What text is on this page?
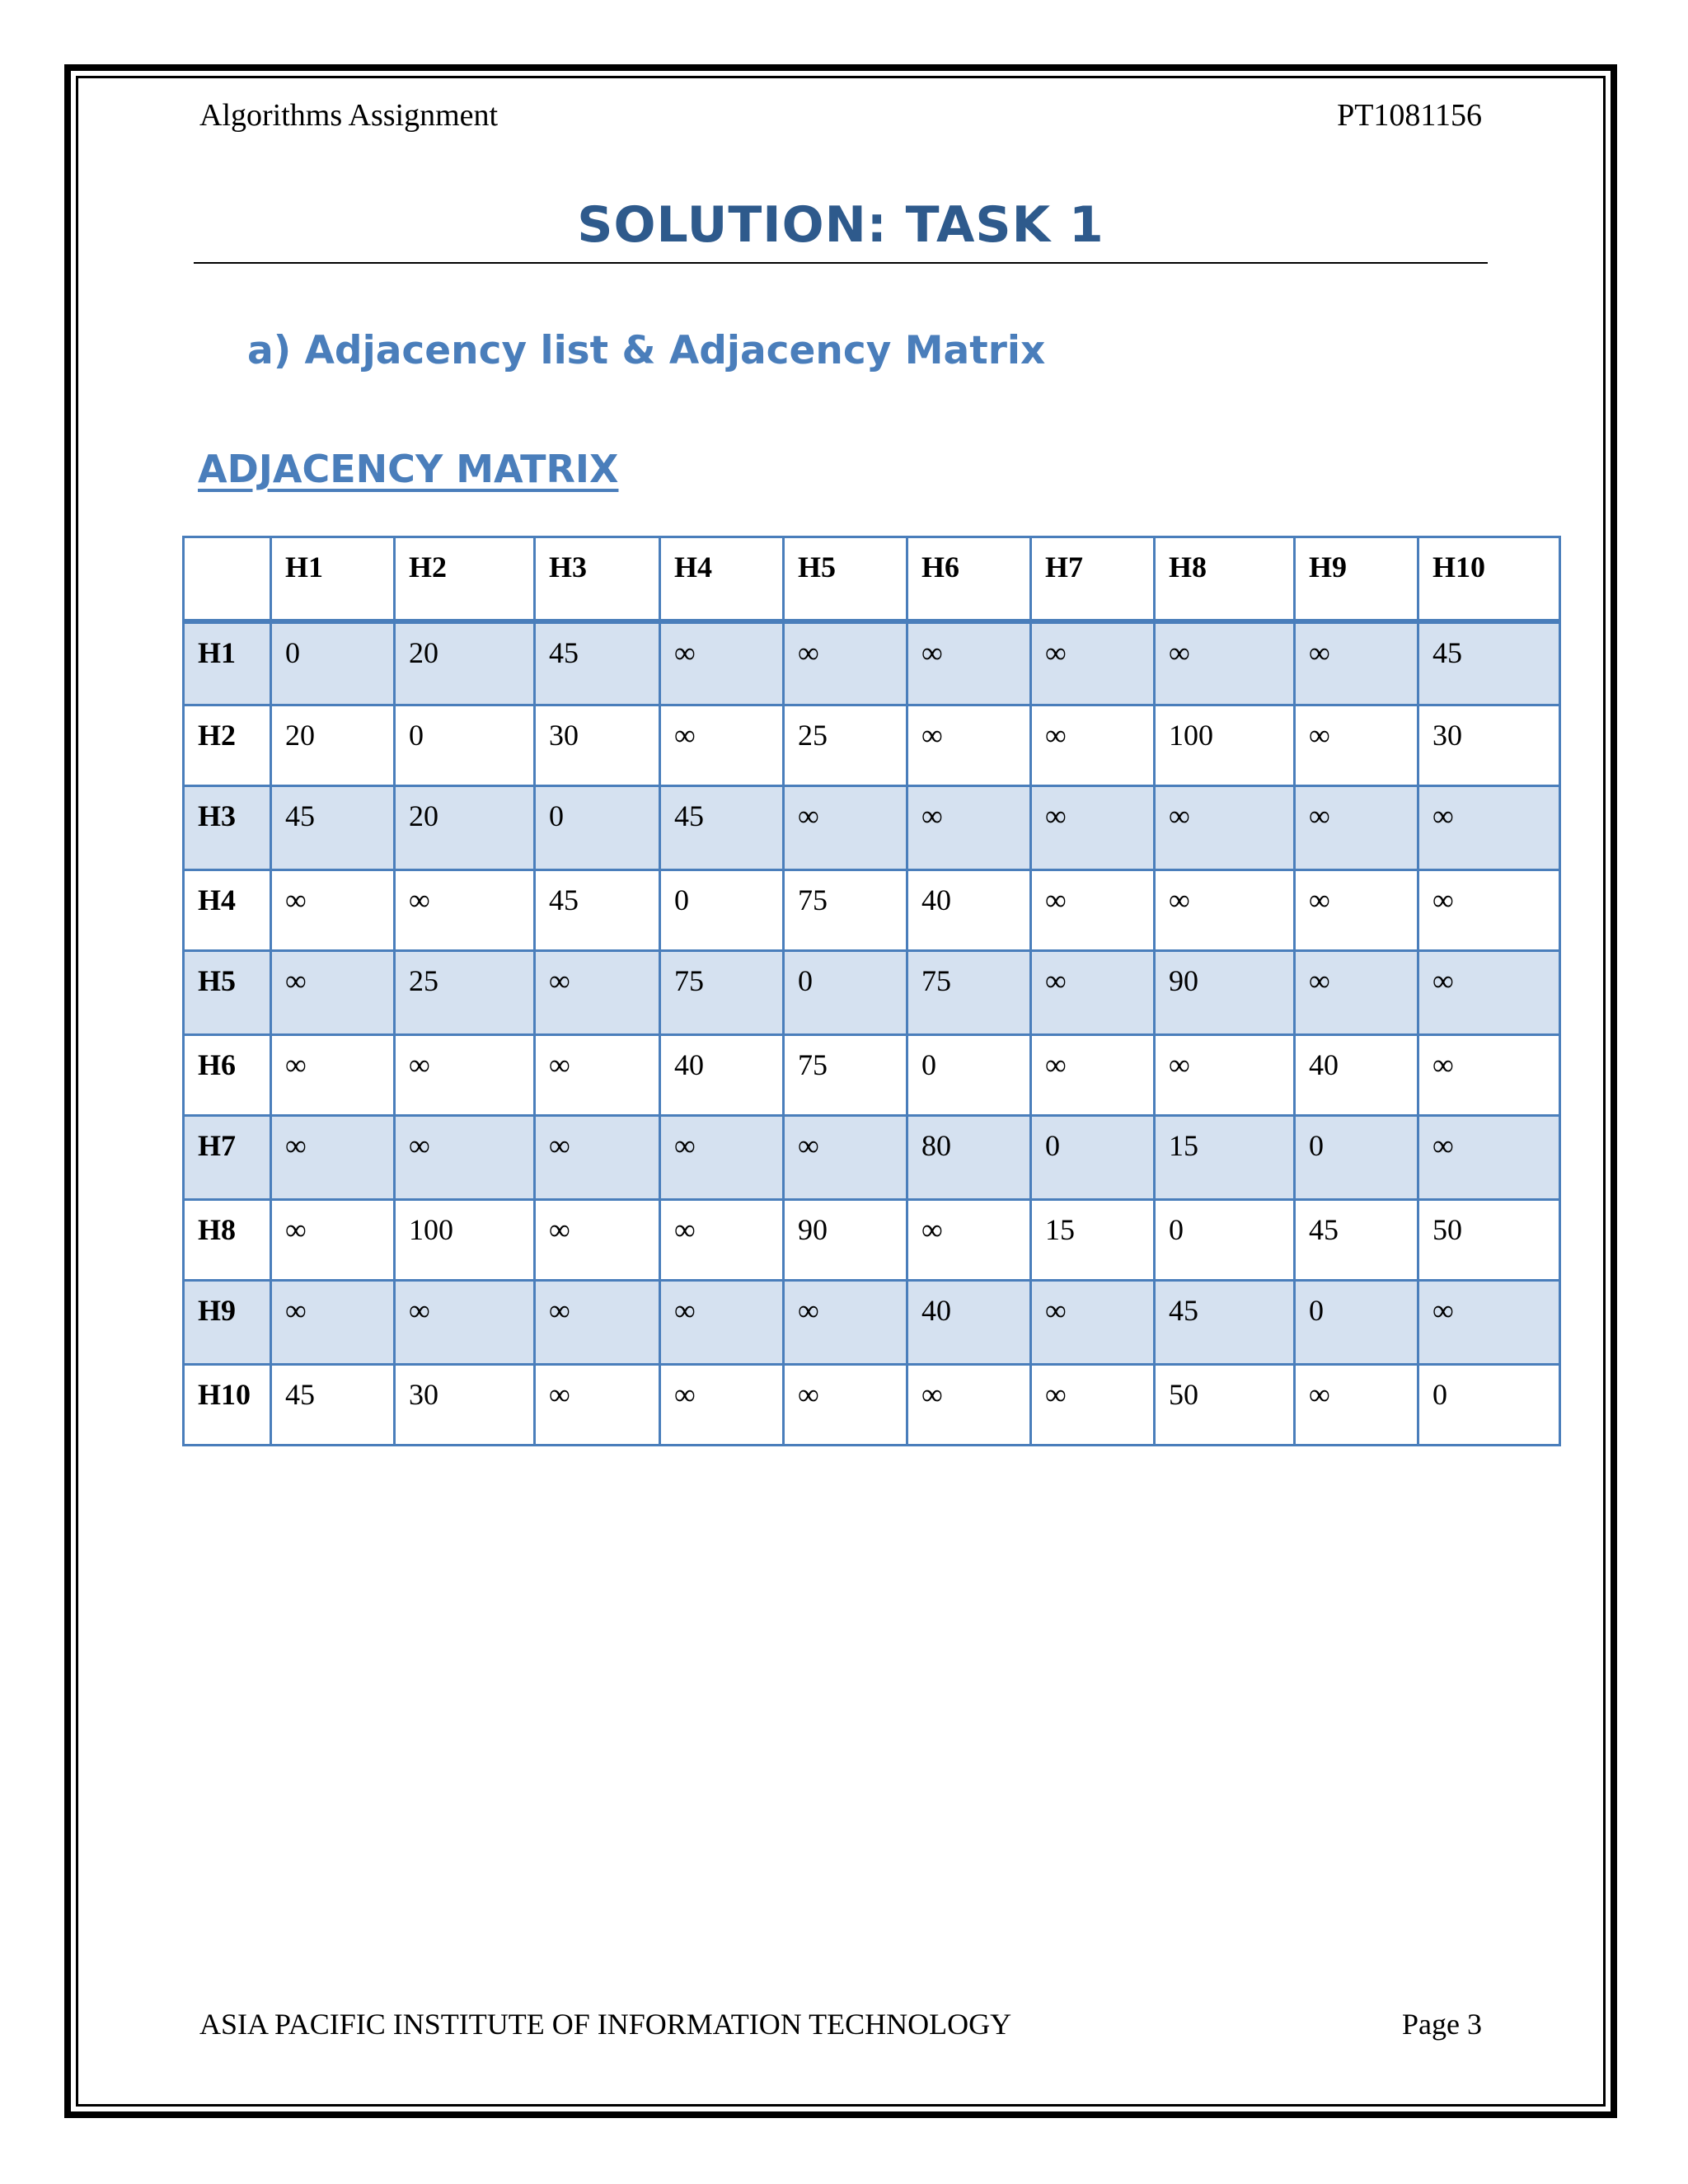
Algorithms Assignment	PT1081156
SOLUTION: TASK 1
a) Adjacency list & Adjacency Matrix
ADJACENCY MATRIX
	H1	H2	H3	H4	H5	H6	H7	H8	H9	H10
H1	0	20	45	∞	∞	∞	∞	∞	∞	45
H2	20	0	30	∞	25	∞	∞	100	∞	30
H3	45	20	0	45	∞	∞	∞	∞	∞	∞
H4	∞	∞	45	0	75	40	∞	∞	∞	∞
H5	∞	25	∞	75	0	75	∞	90	∞	∞
H6	∞	∞	∞	40	75	0	∞	∞	40	∞
H7	∞	∞	∞	∞	∞	80	0	15	0	∞
H8	∞	100	∞	∞	90	∞	15	0	45	50
H9	∞	∞	∞	∞	∞	40	∞	45	0	∞
H10	45	30	∞	∞	∞	∞	∞	50	∞	0
ASIA PACIFIC INSTITUTE OF INFORMATION TECHNOLOGY	Page 3
